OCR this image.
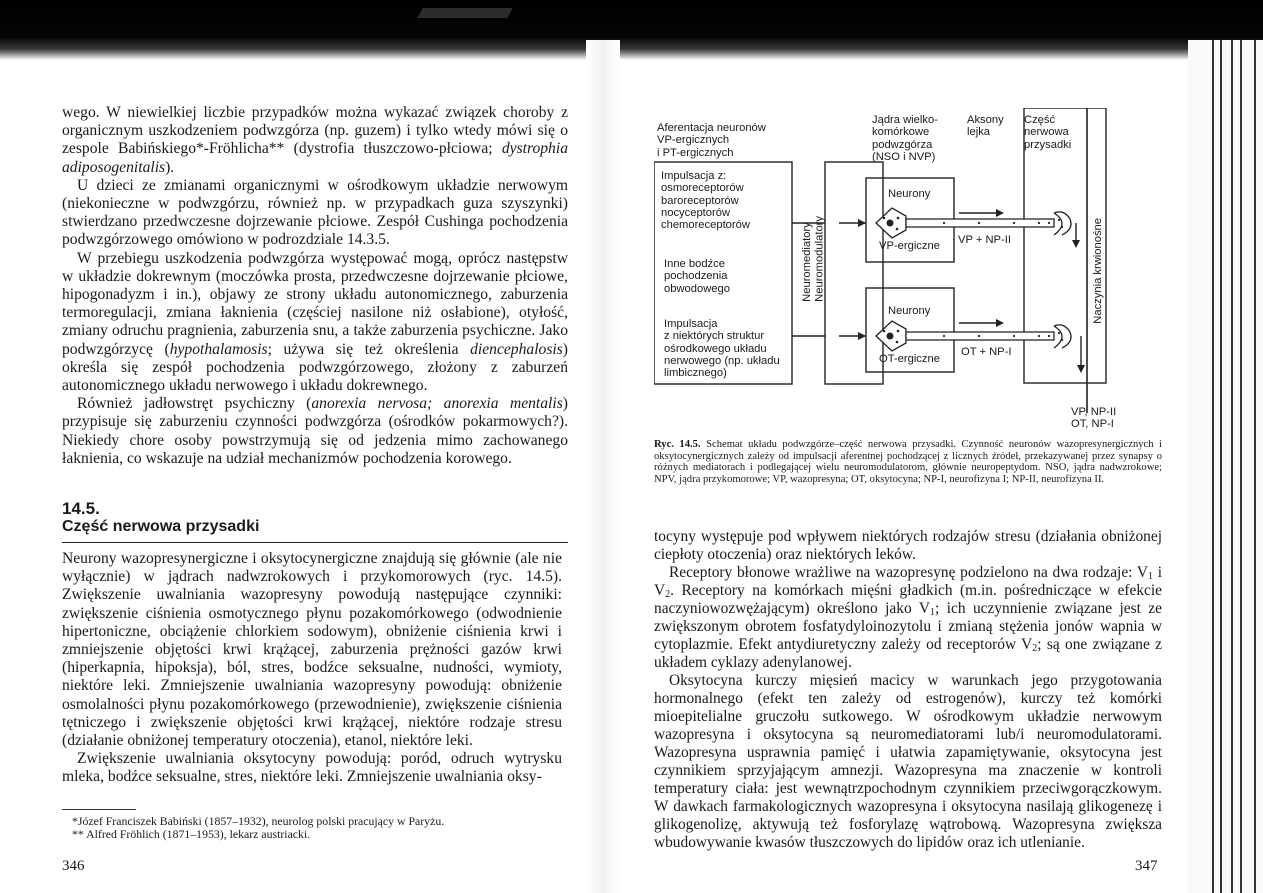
wego. W niewielkiej liczbie przypadków można wykazać związek choroby z organicznym uszkodzeniem podwzgórza (np. guzem) i tylko wtedy mówi się o zespole Babińskiego*-Fröhlicha** (dystrofia tłuszczowo-płciowa; dystrophia adiposogenitalis).

U dzieci ze zmianami organicznymi w ośrodkowym układzie nerwowym (niekonieczne w podwzgórzu, również np. w przypadkach guza szyszynki) stwierdzano przedwczesne dojrzewanie płciowe. Zespół Cushinga pochodzenia podwzgórzowego omówiono w podrozdziale 14.3.5.

W przebiegu uszkodzenia podwzgórza występować mogą, oprócz następstw w układzie dokrewnym (moczówka prosta, przedwczesne dojrzewanie płciowe, hipogonadyzm i in.), objawy ze strony układu autonomicznego, zaburzenia termoregulacji, zmiana łaknienia (częściej nasilone niż osłabione), otyłość, zmiany odruchu pragnienia, zaburzenia snu, a także zaburzenia psychiczne. Jako podwzgórzycę (hypothalamosis; używa się też określenia diencephalosis) określa się zespół pochodzenia podwzgórzowego, złożony z zaburzeń autonomicznego układu nerwowego i układu dokrewnego.

Również jadłowstręt psychiczny (anorexia nervosa; anorexia mentalis) przypisuje się zaburzeniu czynności podwzgórza (ośrodków pokarmowych?). Niekiedy chore osoby powstrzymują się od jedzenia mimo zachowanego łaknienia, co wskazuje na udział mechanizmów pochodzenia korowego.

14.5.
Część nerwowa przysadki

Neurony wazopresynergiczne i oksytocynergiczne znajdują się głównie (ale nie wyłącznie) w jądrach nadwzrokowych i przykomorowych (ryc. 14.5). Zwiększenie uwalniania wazopresyny powodują następujące czynniki: zwiększenie ciśnienia osmotycznego płynu pozakomórkowego (odwodnienie hipertoniczne, obciążenie chlorkiem sodowym), obniżenie ciśnienia krwi i zmniejszenie objętości krwi krążącej, zaburzenia prężności gazów krwi (hiperkapnia, hipoksja), ból, stres, bodźce seksualne, nudności, wymioty, niektóre leki. Zmniejszenie uwalniania wazopresyny powodują: obniżenie osmolalności płynu pozakomórkowego (przewodnienie), zwiększenie ciśnienia tętniczego i zwiększenie objętości krwi krążącej, niektóre rodzaje stresu (działanie obniżonej temperatury otoczenia), etanol, niektóre leki.

Zwiększenie uwalniania oksytocyny powodują: poród, odruch wytrysku mleka, bodźce seksualne, stres, niektóre leki. Zmniejszenie uwalniania oksy-

*Józef Franciszek Babiński (1857–1932), neurolog polski pracujący w Paryżu.
** Alfred Fröhlich (1871–1953), lekarz austriacki.
346
Aferentacja neuronów
VP-ergicznych
i PT-ergicznych
Jądra wielko-
komórkowe
podwzgórza
(NSO i NVP)
Aksony
lejka
Część
nerwowa
przysadki
Impulsacja z:
osmoreceptorów
baroreceptorów
nocyceptorów
chemoreceptorów
Inne bodźce
pochodzenia
obwodowego
Impulsacja
z niektórych struktur
ośrodkowego układu
nerwowego (np. układu
limbicznego)
Neuromediatory
Neuromodulatory
Neurony
VP-ergiczne
Neurony
OT-ergiczne
VP + NP-II
OT + NP-I
Naczynia krwionośne
VP, NP-II
OT, NP-I

Ryc. 14.5. Schemat układu podwzgórze–część nerwowa przysadki. Czynność neuronów wazopresynergicznych i oksytocynergicznych zależy od impulsacji aferentnej pochodzącej z licznych źródeł, przekazywanej przez synapsy o różnych mediatorach i podlegającej wielu neuromodulatorom, głównie neuropeptydom. NSO, jądra nadwzrokowe; NPV, jądra przykomorowe; VP, wazopresyna; OT, oksytocyna; NP-I, neurofizyna I; NP-II, neurofizyna II.

tocyny występuje pod wpływem niektórych rodzajów stresu (działania obniżonej ciepłoty otoczenia) oraz niektórych leków.

Receptory błonowe wrażliwe na wazopresynę podzielono na dwa rodzaje: $V_1$ i $V_2$. Receptory na komórkach mięśni gładkich (m.in. pośredniczące w efekcie naczyniowozwężającym) określono jako $V_1$; ich uczynnienie związane jest ze zwiększonym obrotem fosfatydyloinozytolu i zmianą stężenia jonów wapnia w cytoplazmie. Efekt antydiuretyczny zależy od receptorów $V_2$; są one związane z układem cyklazy adenylanowej.

Oksytocyna kurczy mięsień macicy w warunkach jego przygotowania hormonalnego (efekt ten zależy od estrogenów), kurczy też komórki mioepitelialne gruczołu sutkowego. W ośrodkowym układzie nerwowym wazopresyna i oksytocyna są neuromediatorami lub/i neuromodulatorami. Wazopresyna usprawnia pamięć i ułatwia zapamiętywanie, oksytocyna jest czynnikiem sprzyjającym amnezji. Wazopresyna ma znaczenie w kontroli temperatury ciała: jest wewnątrzpochodnym czynnikiem przeciwgorączkowym. W dawkach farmakologicznych wazopresyna i oksytocyna nasilają glikogenezę i glikogenolizę, aktywują też fosforylazę wątrobową. Wazopresyna zwiększa wbudowywanie kwasów tłuszczowych do lipidów oraz ich utlenianie.

347
